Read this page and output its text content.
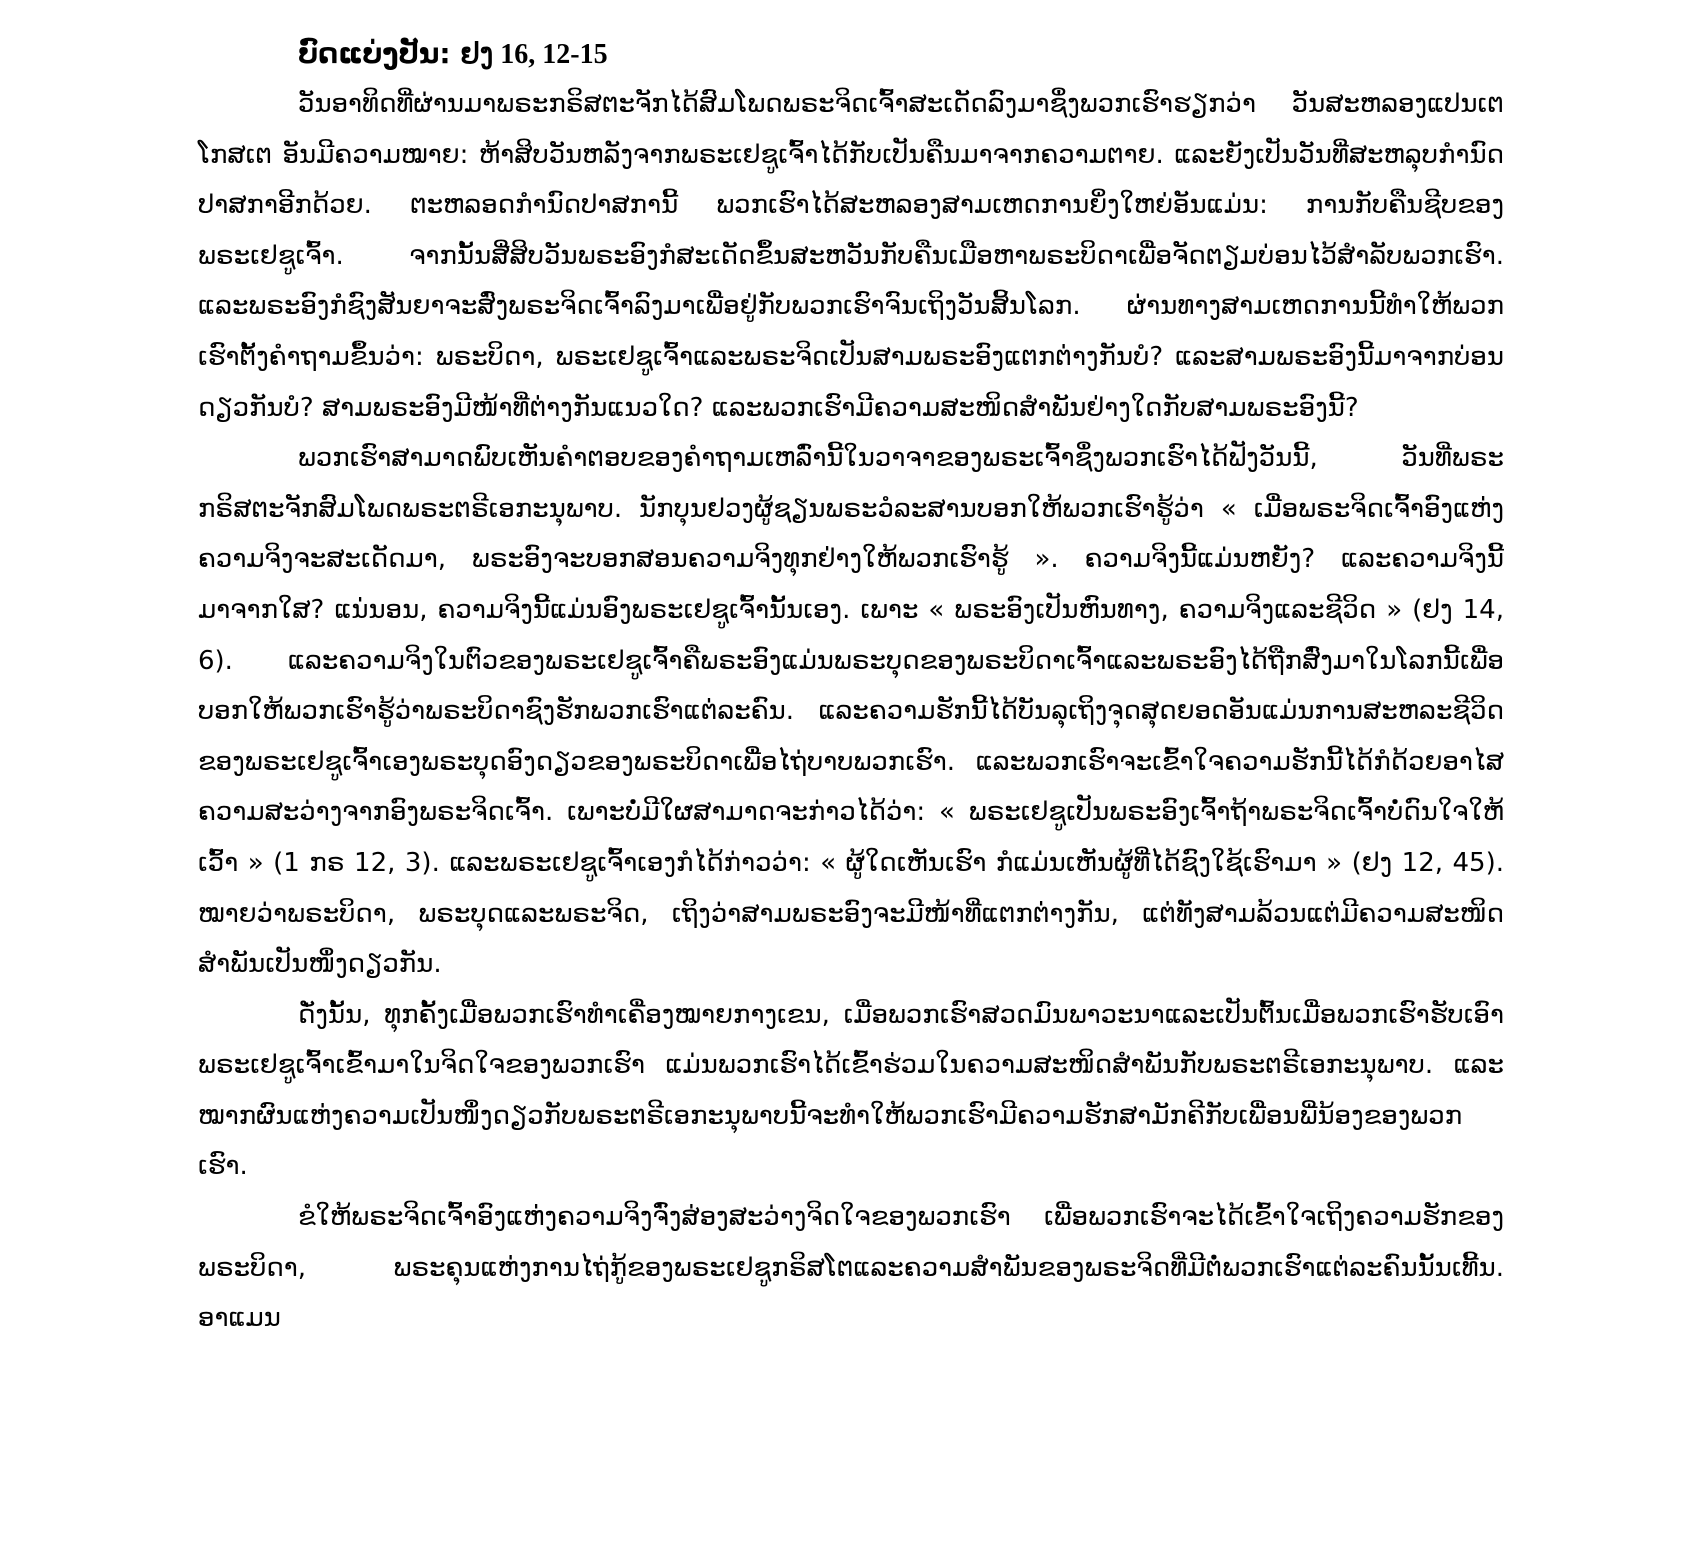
ບົດແບ່ງປັນ: ຢງ 16, 12-15

ວັນອາທິດທີ່ຜ່ານມາພຣະກຣິສຕະຈັກໄດ້ສົມໂພດພຣະຈິດເຈົ້າສະເດັດລົງມາຊຶ່ງພວກເຮົາຮຽກວ່າ ວັນສະຫລອງແປນເຕໂກສເຕ ອັນມີຄວາມໝາຍ: ຫ້າສິບວັນຫລັງຈາກພຣະເຢຊູເຈົ້າໄດ້ກັບເປັນຄືນມາຈາກຄວາມຕາຍ. ແລະຍັງເປັນວັນທີ່ສະຫລຸບກຳນົດປາສກາອີກດ້ວຍ. ຕະຫລອດກຳນົດປາສການີ້ ພວກເຮົາໄດ້ສະຫລອງສາມເຫດການຍິ່ງໃຫຍ່ອັນແມ່ນ: ການກັບຄືນຊີບຂອງພຣະເຢຊູເຈົ້າ. ຈາກນັ້ນສີ່ສິບວັນພຣະອົງກໍສະເດັດຂຶ້ນສະຫວັນກັບຄືນເມືອຫາພຣະບິດາເພື່ອຈັດຕຽມບ່ອນໄວ້ສຳລັບພວກເຮົາ. ແລະພຣະອົງກໍຊົງສັນຍາຈະສົ່ງພຣະຈິດເຈົ້າລົງມາເພື່ອຢູ່ກັບພວກເຮົາຈົນເຖິງວັນສິ້ນໂລກ. ຜ່ານທາງສາມເຫດການນີ້ທຳໃຫ້ພວກເຮົາຕັ້ງຄຳຖາມຂຶ້ນວ່າ: ພຣະບິດາ, ພຣະເຢຊູເຈົ້າແລະພຣະຈິດເປັນສາມພຣະອົງແຕກຕ່າງກັນບໍ? ແລະສາມພຣະອົງນີ້ມາຈາກບ່ອນດຽວກັນບໍ? ສາມພຣະອົງມີໜ້າທີ່ຕ່າງກັນແນວໃດ? ແລະພວກເຮົາມີຄວາມສະໜິດສຳພັນຢ່າງໃດກັບສາມພຣະອົງນີ້?

ພວກເຮົາສາມາດພົບເຫັນຄຳຕອບຂອງຄຳຖາມເຫລົ່ານີ້ໃນວາຈາຂອງພຣະເຈົ້າຊຶ່ງພວກເຮົາໄດ້ຟັງວັນນີ້, ວັນທີ່ພຣະກຣິສຕະຈັກສົມໂພດພຣະຕຣີເອກະນຸພາບ. ນັກບຸນຢວງຜູ້ຊຽນພຣະວໍລະສານບອກໃຫ້ພວກເຮົາຮູ້ວ່າ « ເມື່ອພຣະຈິດເຈົ້າອົງແຫ່ງຄວາມຈິງຈະສະເດັດມາ, ພຣະອົງຈະບອກສອນຄວາມຈິງທຸກຢ່າງໃຫ້ພວກເຮົາຮູ້ ». ຄວາມຈິງນີ້ແມ່ນຫຍັງ? ແລະຄວາມຈິງນີ້ມາຈາກໃສ? ແນ່ນອນ, ຄວາມຈິງນີ້ແມ່ນອົງພຣະເຢຊູເຈົ້ານັ້ນເອງ. ເພາະ « ພຣະອົງເປັນຫົນທາງ, ຄວາມຈິງແລະຊີວິດ » (ຢງ 14, 6). ແລະຄວາມຈິງໃນຕົວຂອງພຣະເຢຊູເຈົ້າຄືພຣະອົງແມ່ນພຣະບຸດຂອງພຣະບິດາເຈົ້າແລະພຣະອົງໄດ້ຖືກສົ່ງມາໃນໂລກນີ້ເພື່ອບອກໃຫ້ພວກເຮົາຮູ້ວ່າພຣະບິດາຊົງຮັກພວກເຮົາແຕ່ລະຄົນ. ແລະຄວາມຮັກນີ້ໄດ້ບັນລຸເຖິງຈຸດສຸດຍອດອັນແມ່ນການສະຫລະຊີວິດຂອງພຣະເຢຊູເຈົ້າເອງພຣະບຸດອົງດຽວຂອງພຣະບິດາເພື່ອໄຖ່ບາບພວກເຮົາ. ແລະພວກເຮົາຈະເຂົ້າໃຈຄວາມຮັກນີ້ໄດ້ກໍດ້ວຍອາໄສຄວາມສະວ່າງຈາກອົງພຣະຈິດເຈົ້າ. ເພາະບໍ່ມີໃຜສາມາດຈະກ່າວໄດ້ວ່າ: « ພຣະເຢຊູເປັນພຣະອົງເຈົ້າຖ້າພຣະຈິດເຈົ້າບໍ່ດົນໃຈໃຫ້ເວົ້າ » (1 ກຣ 12, 3). ແລະພຣະເຢຊູເຈົ້າເອງກໍໄດ້ກ່າວວ່າ: « ຜູ້ໃດເຫັນເຮົາ ກໍແມ່ນເຫັນຜູ້ທີ່ໄດ້ຊົງໃຊ້ເຮົາມາ » (ຢງ 12, 45). ໝາຍວ່າພຣະບິດາ, ພຣະບຸດແລະພຣະຈິດ, ເຖິງວ່າສາມພຣະອົງຈະມີໜ້າທີ່ແຕກຕ່າງກັນ, ແຕ່ທັງສາມລ້ວນແຕ່ມີຄວາມສະໜິດສຳພັນເປັນໜຶ່ງດຽວກັນ.

ດັ່ງນັ້ນ, ທຸກຄັ້ງເມື່ອພວກເຮົາທຳເຄື່ອງໝາຍກາງເຂນ, ເມື່ອພວກເຮົາສວດມົນພາວະນາແລະເປັນຕົ້ນເມື່ອພວກເຮົາຮັບເອົາພຣະເຢຊູເຈົ້າເຂົ້າມາໃນຈິດໃຈຂອງພວກເຮົາ ແມ່ນພວກເຮົາໄດ້ເຂົ້າຮ່ວມໃນຄວາມສະໜິດສຳພັນກັບພຣະຕຣີເອກະນຸພາບ. ແລະໝາກຜົນແຫ່ງຄວາມເປັນໜຶ່ງດຽວກັບພຣະຕຣີເອກະນຸພາບນີ້ຈະທຳໃຫ້ພວກເຮົາມີຄວາມຮັກສາມັກຄີກັບເພື່ອນພີ່ນ້ອງຂອງພວກເຮົາ.

ຂໍໃຫ້ພຣະຈິດເຈົ້າອົງແຫ່ງຄວາມຈິງຈົ່ງສ່ອງສະວ່າງຈິດໃຈຂອງພວກເຮົາ ເພື່ອພວກເຮົາຈະໄດ້ເຂົ້າໃຈເຖິງຄວາມຮັກຂອງພຣະບິດາ, ພຣະຄຸນແຫ່ງການໄຖ່ກູ້ຂອງພຣະເຢຊູກຣິສໂຕແລະຄວາມສຳພັນຂອງພຣະຈິດທີ່ມີຕໍ່ພວກເຮົາແຕ່ລະຄົນນັ້ນເທີ້ນ. ອາແມນ
